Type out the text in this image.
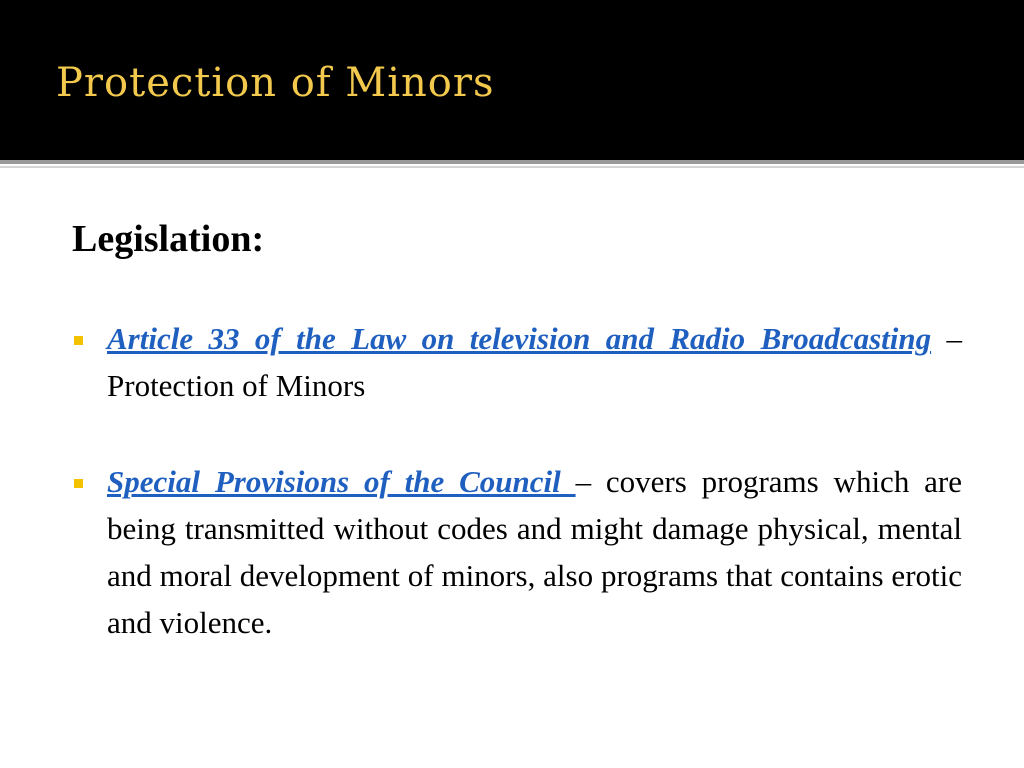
Protection of Minors
Legislation:

Article 33 of the Law on television and Radio Broadcasting – Protection of Minors

Special Provisions of the Council – covers programs which are being transmitted without codes and might damage physical, mental and moral development of minors, also programs that contains erotic and violence.
